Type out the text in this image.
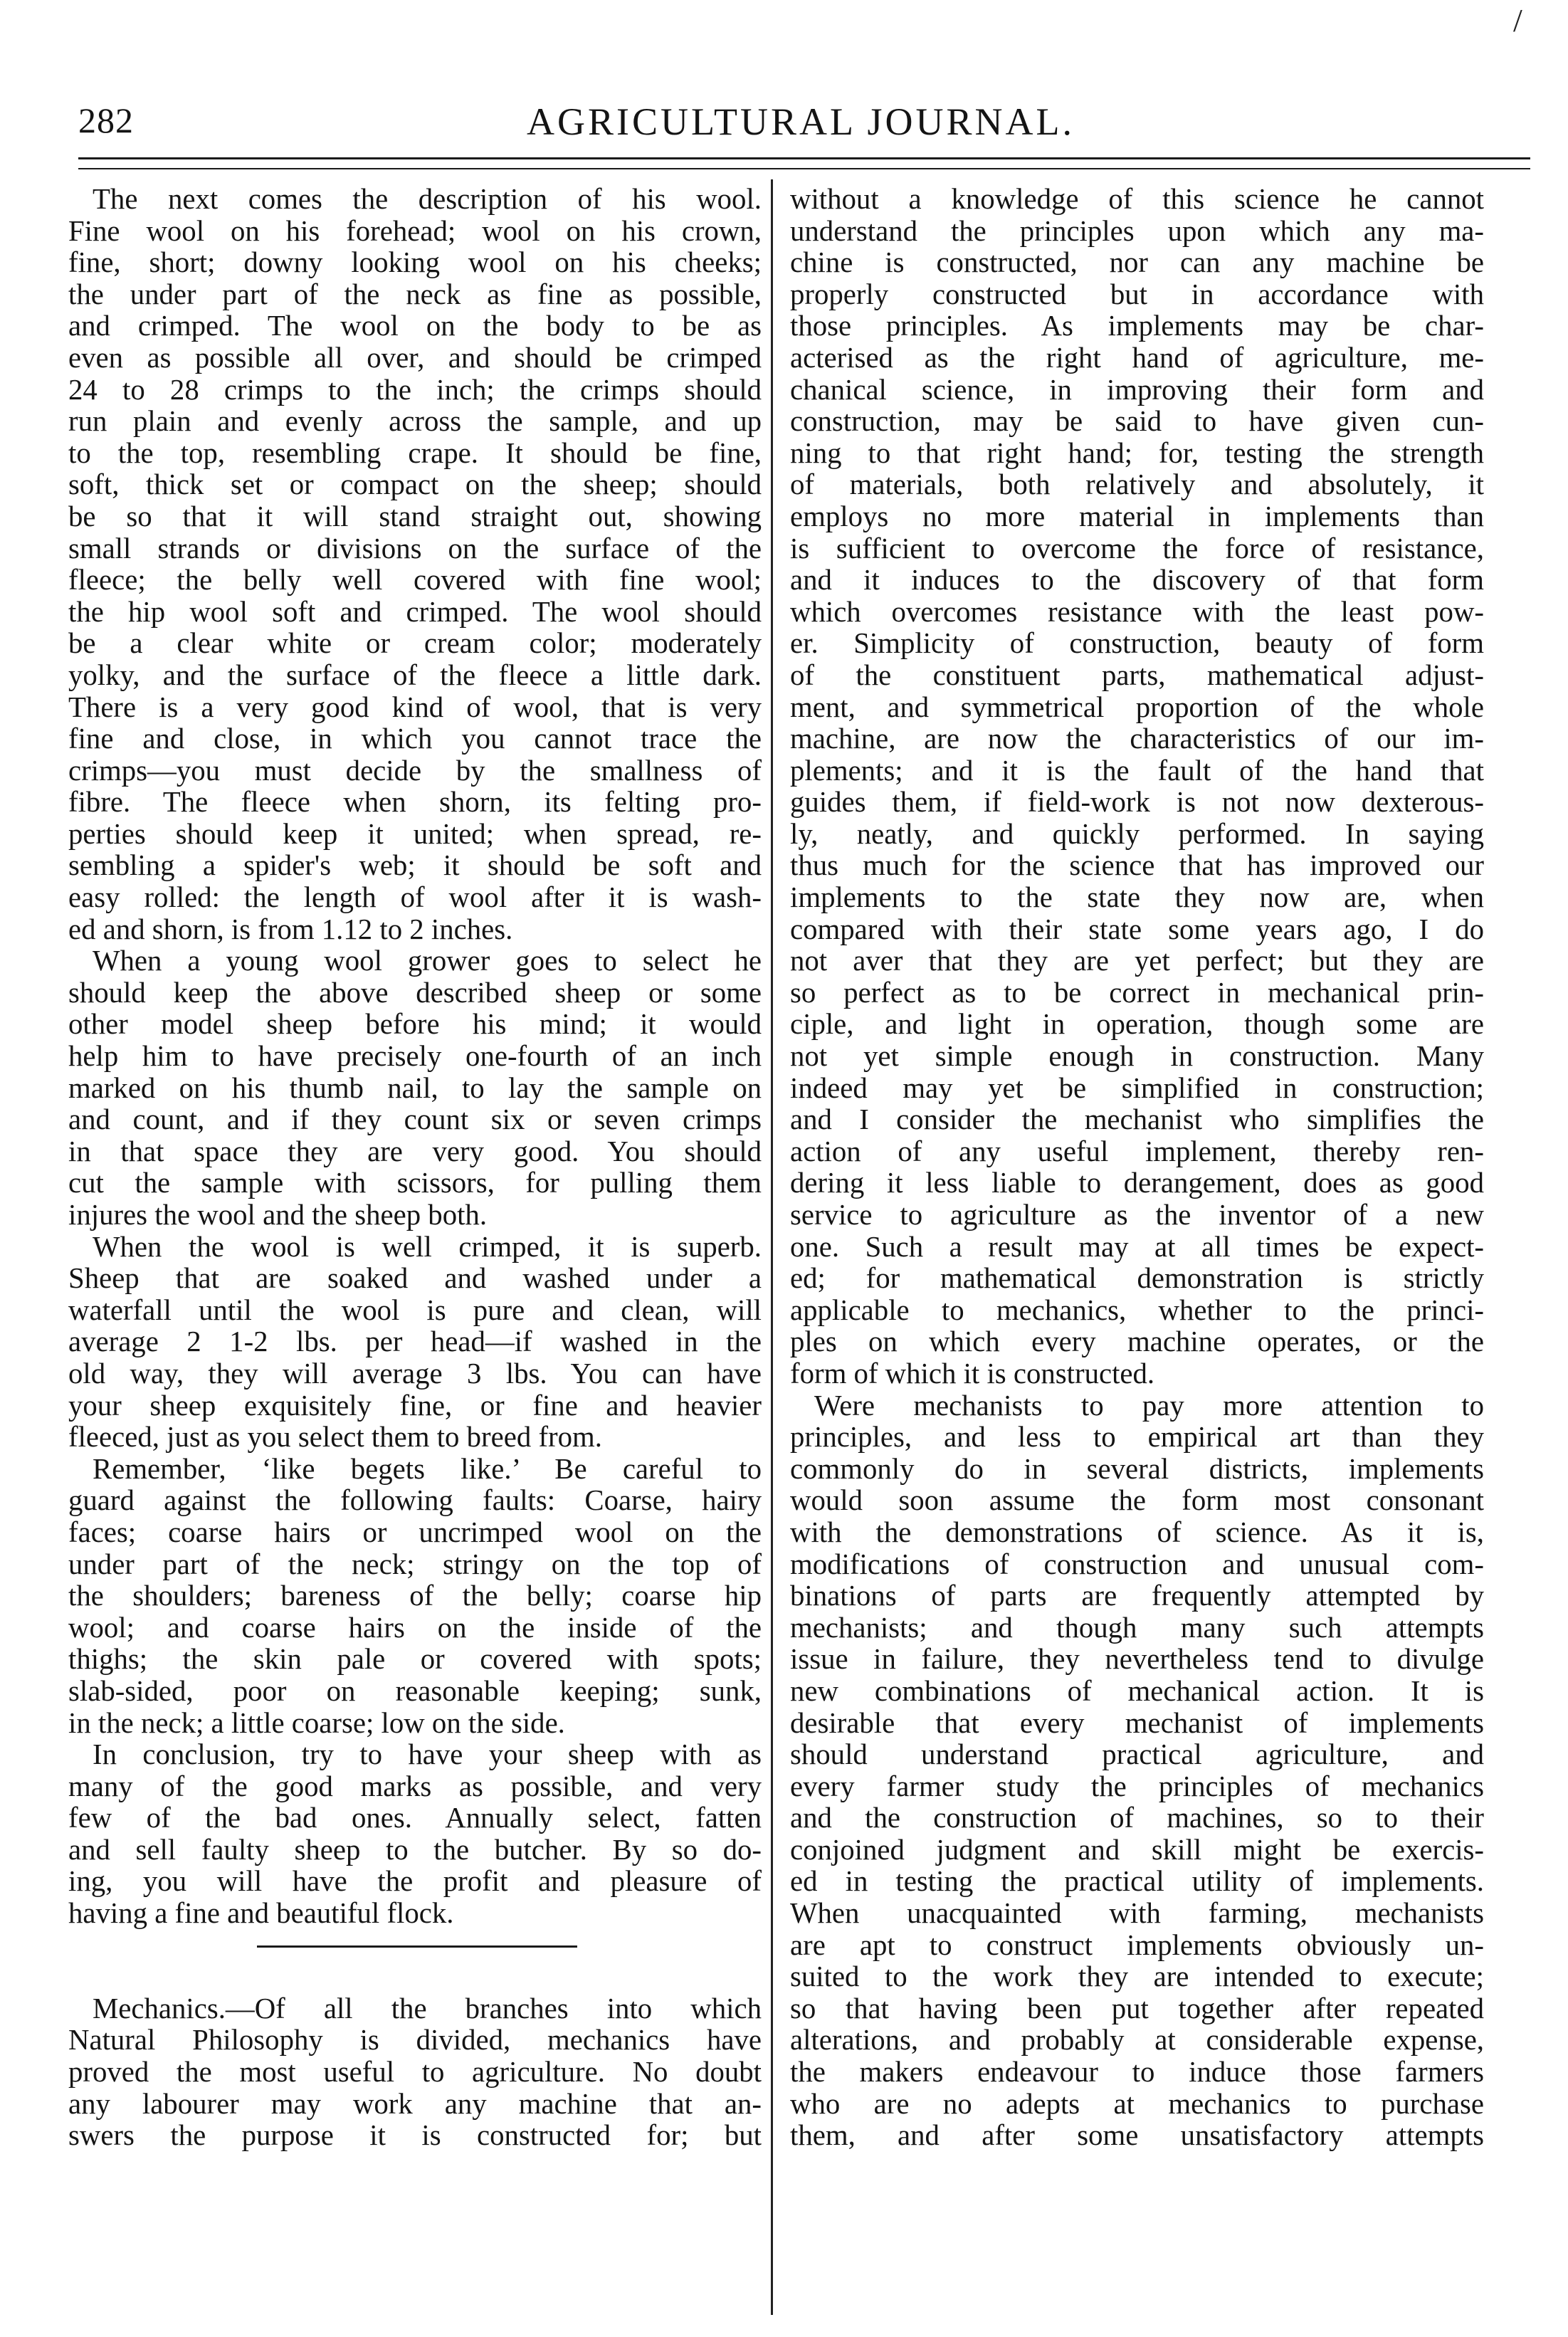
/
282	AGRICULTURAL JOURNAL.
The next comes the description of his wool.
Fine wool on his forehead; wool on his crown,
fine, short; downy looking wool on his cheeks;
the under part of the neck as fine as possible,
and crimped. The wool on the body to be as
even as possible all over, and should be crimped
24 to 28 crimps to the inch; the crimps should
run plain and evenly across the sample, and up
to the top, resembling crape. It should be fine,
soft, thick set or compact on the sheep; should
be so that it will stand straight out, showing
small strands or divisions on the surface of the
fleece; the belly well covered with fine wool;
the hip wool soft and crimped. The wool should
be a clear white or cream color; moderately
yolky, and the surface of the fleece a little dark.
There is a very good kind of wool, that is very
fine and close, in which you cannot trace the
crimps—you must decide by the smallness of
fibre. The fleece when shorn, its felting pro-
perties should keep it united; when spread, re-
sembling a spider's web; it should be soft and
easy rolled: the length of wool after it is wash-
ed and shorn, is from 1.12 to 2 inches.
When a young wool grower goes to select he
should keep the above described sheep or some
other model sheep before his mind; it would
help him to have precisely one-fourth of an inch
marked on his thumb nail, to lay the sample on
and count, and if they count six or seven crimps
in that space they are very good. You should
cut the sample with scissors, for pulling them
injures the wool and the sheep both.
When the wool is well crimped, it is superb.
Sheep that are soaked and washed under a
waterfall until the wool is pure and clean, will
average 2 1-2 lbs. per head—if washed in the
old way, they will average 3 lbs. You can have
your sheep exquisitely fine, or fine and heavier
fleeced, just as you select them to breed from.
Remember, ‘like begets like.’ Be careful to
guard against the following faults: Coarse, hairy
faces; coarse hairs or uncrimped wool on the
under part of the neck; stringy on the top of
the shoulders; bareness of the belly; coarse hip
wool; and coarse hairs on the inside of the
thighs; the skin pale or covered with spots;
slab-sided, poor on reasonable keeping; sunk,
in the neck; a little coarse; low on the side.
In conclusion, try to have your sheep with as
many of the good marks as possible, and very
few of the bad ones. Annually select, fatten
and sell faulty sheep to the butcher. By so do-
ing, you will have the profit and pleasure of
having a fine and beautiful flock.
Mechanics.—Of all the branches into which
Natural Philosophy is divided, mechanics have
proved the most useful to agriculture. No doubt
any labourer may work any machine that an-
swers the purpose it is constructed for; but
without a knowledge of this science he cannot
understand the principles upon which any ma-
chine is constructed, nor can any machine be
properly constructed but in accordance with
those principles. As implements may be char-
acterised as the right hand of agriculture, me-
chanical science, in improving their form and
construction, may be said to have given cun-
ning to that right hand; for, testing the strength
of materials, both relatively and absolutely, it
employs no more material in implements than
is sufficient to overcome the force of resistance,
and it induces to the discovery of that form
which overcomes resistance with the least pow-
er. Simplicity of construction, beauty of form
of the constituent parts, mathematical adjust-
ment, and symmetrical proportion of the whole
machine, are now the characteristics of our im-
plements; and it is the fault of the hand that
guides them, if field-work is not now dexterous-
ly, neatly, and quickly performed. In saying
thus much for the science that has improved our
implements to the state they now are, when
compared with their state some years ago, I do
not aver that they are yet perfect; but they are
so perfect as to be correct in mechanical prin-
ciple, and light in operation, though some are
not yet simple enough in construction. Many
indeed may yet be simplified in construction;
and I consider the mechanist who simplifies the
action of any useful implement, thereby ren-
dering it less liable to derangement, does as good
service to agriculture as the inventor of a new
one. Such a result may at all times be expect-
ed; for mathematical demonstration is strictly
applicable to mechanics, whether to the princi-
ples on which every machine operates, or the
form of which it is constructed.
Were mechanists to pay more attention to
principles, and less to empirical art than they
commonly do in several districts, implements
would soon assume the form most consonant
with the demonstrations of science. As it is,
modifications of construction and unusual com-
binations of parts are frequently attempted by
mechanists; and though many such attempts
issue in failure, they nevertheless tend to divulge
new combinations of mechanical action. It is
desirable that every mechanist of implements
should understand practical agriculture, and
every farmer study the principles of mechanics
and the construction of machines, so to their
conjoined judgment and skill might be exercis-
ed in testing the practical utility of implements.
When unacquainted with farming, mechanists
are apt to construct implements obviously un-
suited to the work they are intended to execute;
so that having been put together after repeated
alterations, and probably at considerable expense,
the makers endeavour to induce those farmers
who are no adepts at mechanics to purchase
them, and after some unsatisfactory attempts
